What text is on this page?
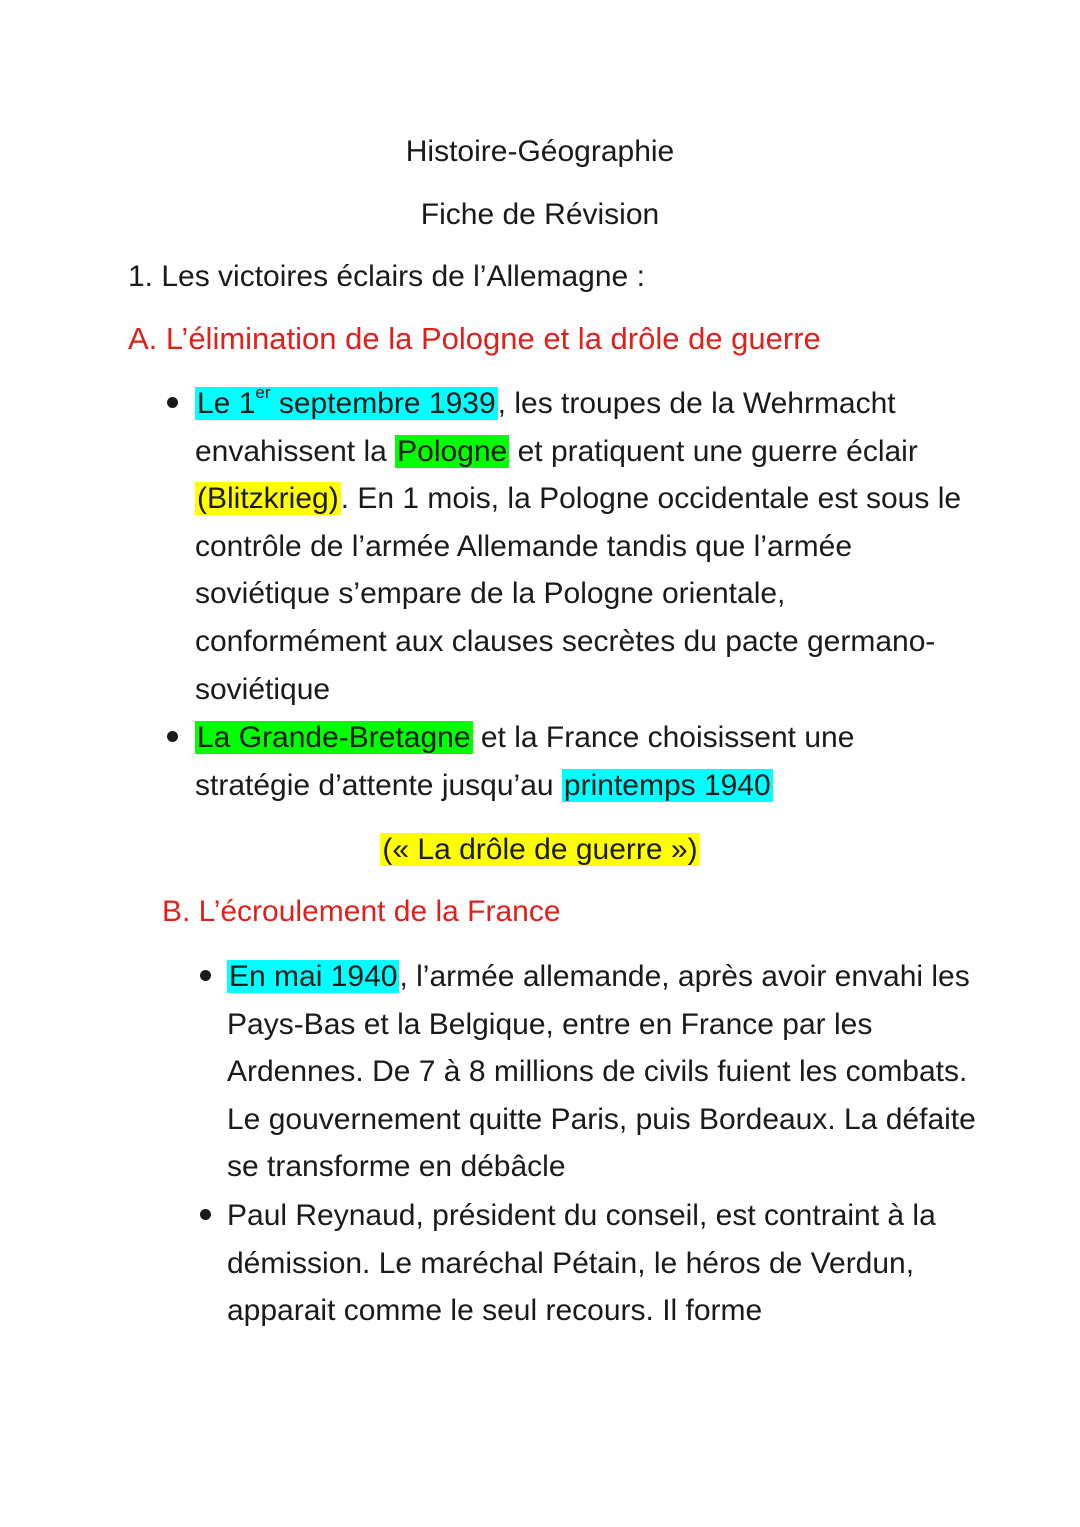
Histoire-Géographie
Fiche de Révision
1. Les victoires éclairs de l’Allemagne :
A. L’élimination de la Pologne et la drôle de guerre
Le 1er septembre 1939, les troupes de la Wehrmacht envahissent la Pologne et pratiquent une guerre éclair (Blitzkrieg). En 1 mois, la Pologne occidentale est sous le contrôle de l’armée Allemande tandis que l’armée soviétique s’empare de la Pologne orientale, conformément aux clauses secrètes du pacte germano-soviétique
La Grande-Bretagne et la France choisissent une stratégie d’attente jusqu’au printemps 1940
(« La drôle de guerre »)
B. L’écroulement de la France
En mai 1940, l’armée allemande, après avoir envahi les Pays-Bas et la Belgique, entre en France par les Ardennes. De 7 à 8 millions de civils fuient les combats. Le gouvernement quitte Paris, puis Bordeaux. La défaite se transforme en débâcle
Paul Reynaud, président du conseil, est contraint à la démission. Le maréchal Pétain, le héros de Verdun, apparait comme le seul recours. Il forme
